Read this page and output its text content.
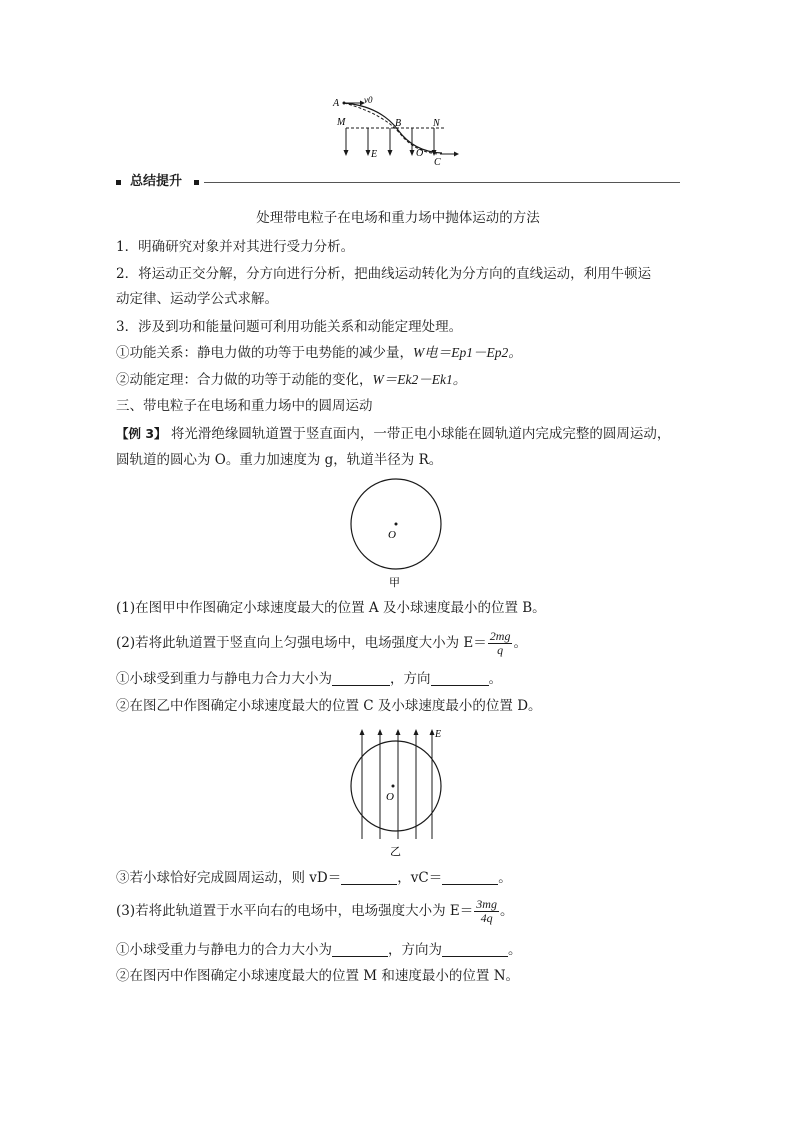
A	v0
M	B	N
E	O
C
总结提升
处理带电粒子在电场和重力场中抛体运动的方法
1．明确研究对象并对其进行受力分析。
2．将运动正交分解，分方向进行分析，把曲线运动转化为分方向的直线运动，利用牛顿运
动定律、运动学公式求解。
3．涉及到功和能量问题可利用功能关系和动能定理处理。
①功能关系：静电力做的功等于电势能的减少量，W电＝Ep1－Ep2。
②动能定理：合力做的功等于动能的变化，W＝Ek2－Ek1。
三、带电粒子在电场和重力场中的圆周运动
【例 3】 将光滑绝缘圆轨道置于竖直面内，一带正电小球能在圆轨道内完成完整的圆周运动，
圆轨道的圆心为 O。重力加速度为 g，轨道半径为 R。
O
甲
(1)在图甲中作图确定小球速度最大的位置 A 及小球速度最小的位置 B。
(2)若将此轨道置于竖直向上匀强电场中，电场强度大小为 $E= \frac{2mg}{q}$ 。
①小球受到重力与静电力合力大小为	，方向	。
②在图乙中作图确定小球速度最大的位置 C 及小球速度最小的位置 D。
O
E
乙
③若小球恰好完成圆周运动，则 vD＝	，vC＝	。
(3)若将此轨道置于水平向右的电场中，电场强度大小为 $E= \frac{3mg}{4q}$ 。
①小球受重力与静电力的合力大小为	，方向为	。
②在图丙中作图确定小球速度最大的位置 M 和速度最小的位置 N。
